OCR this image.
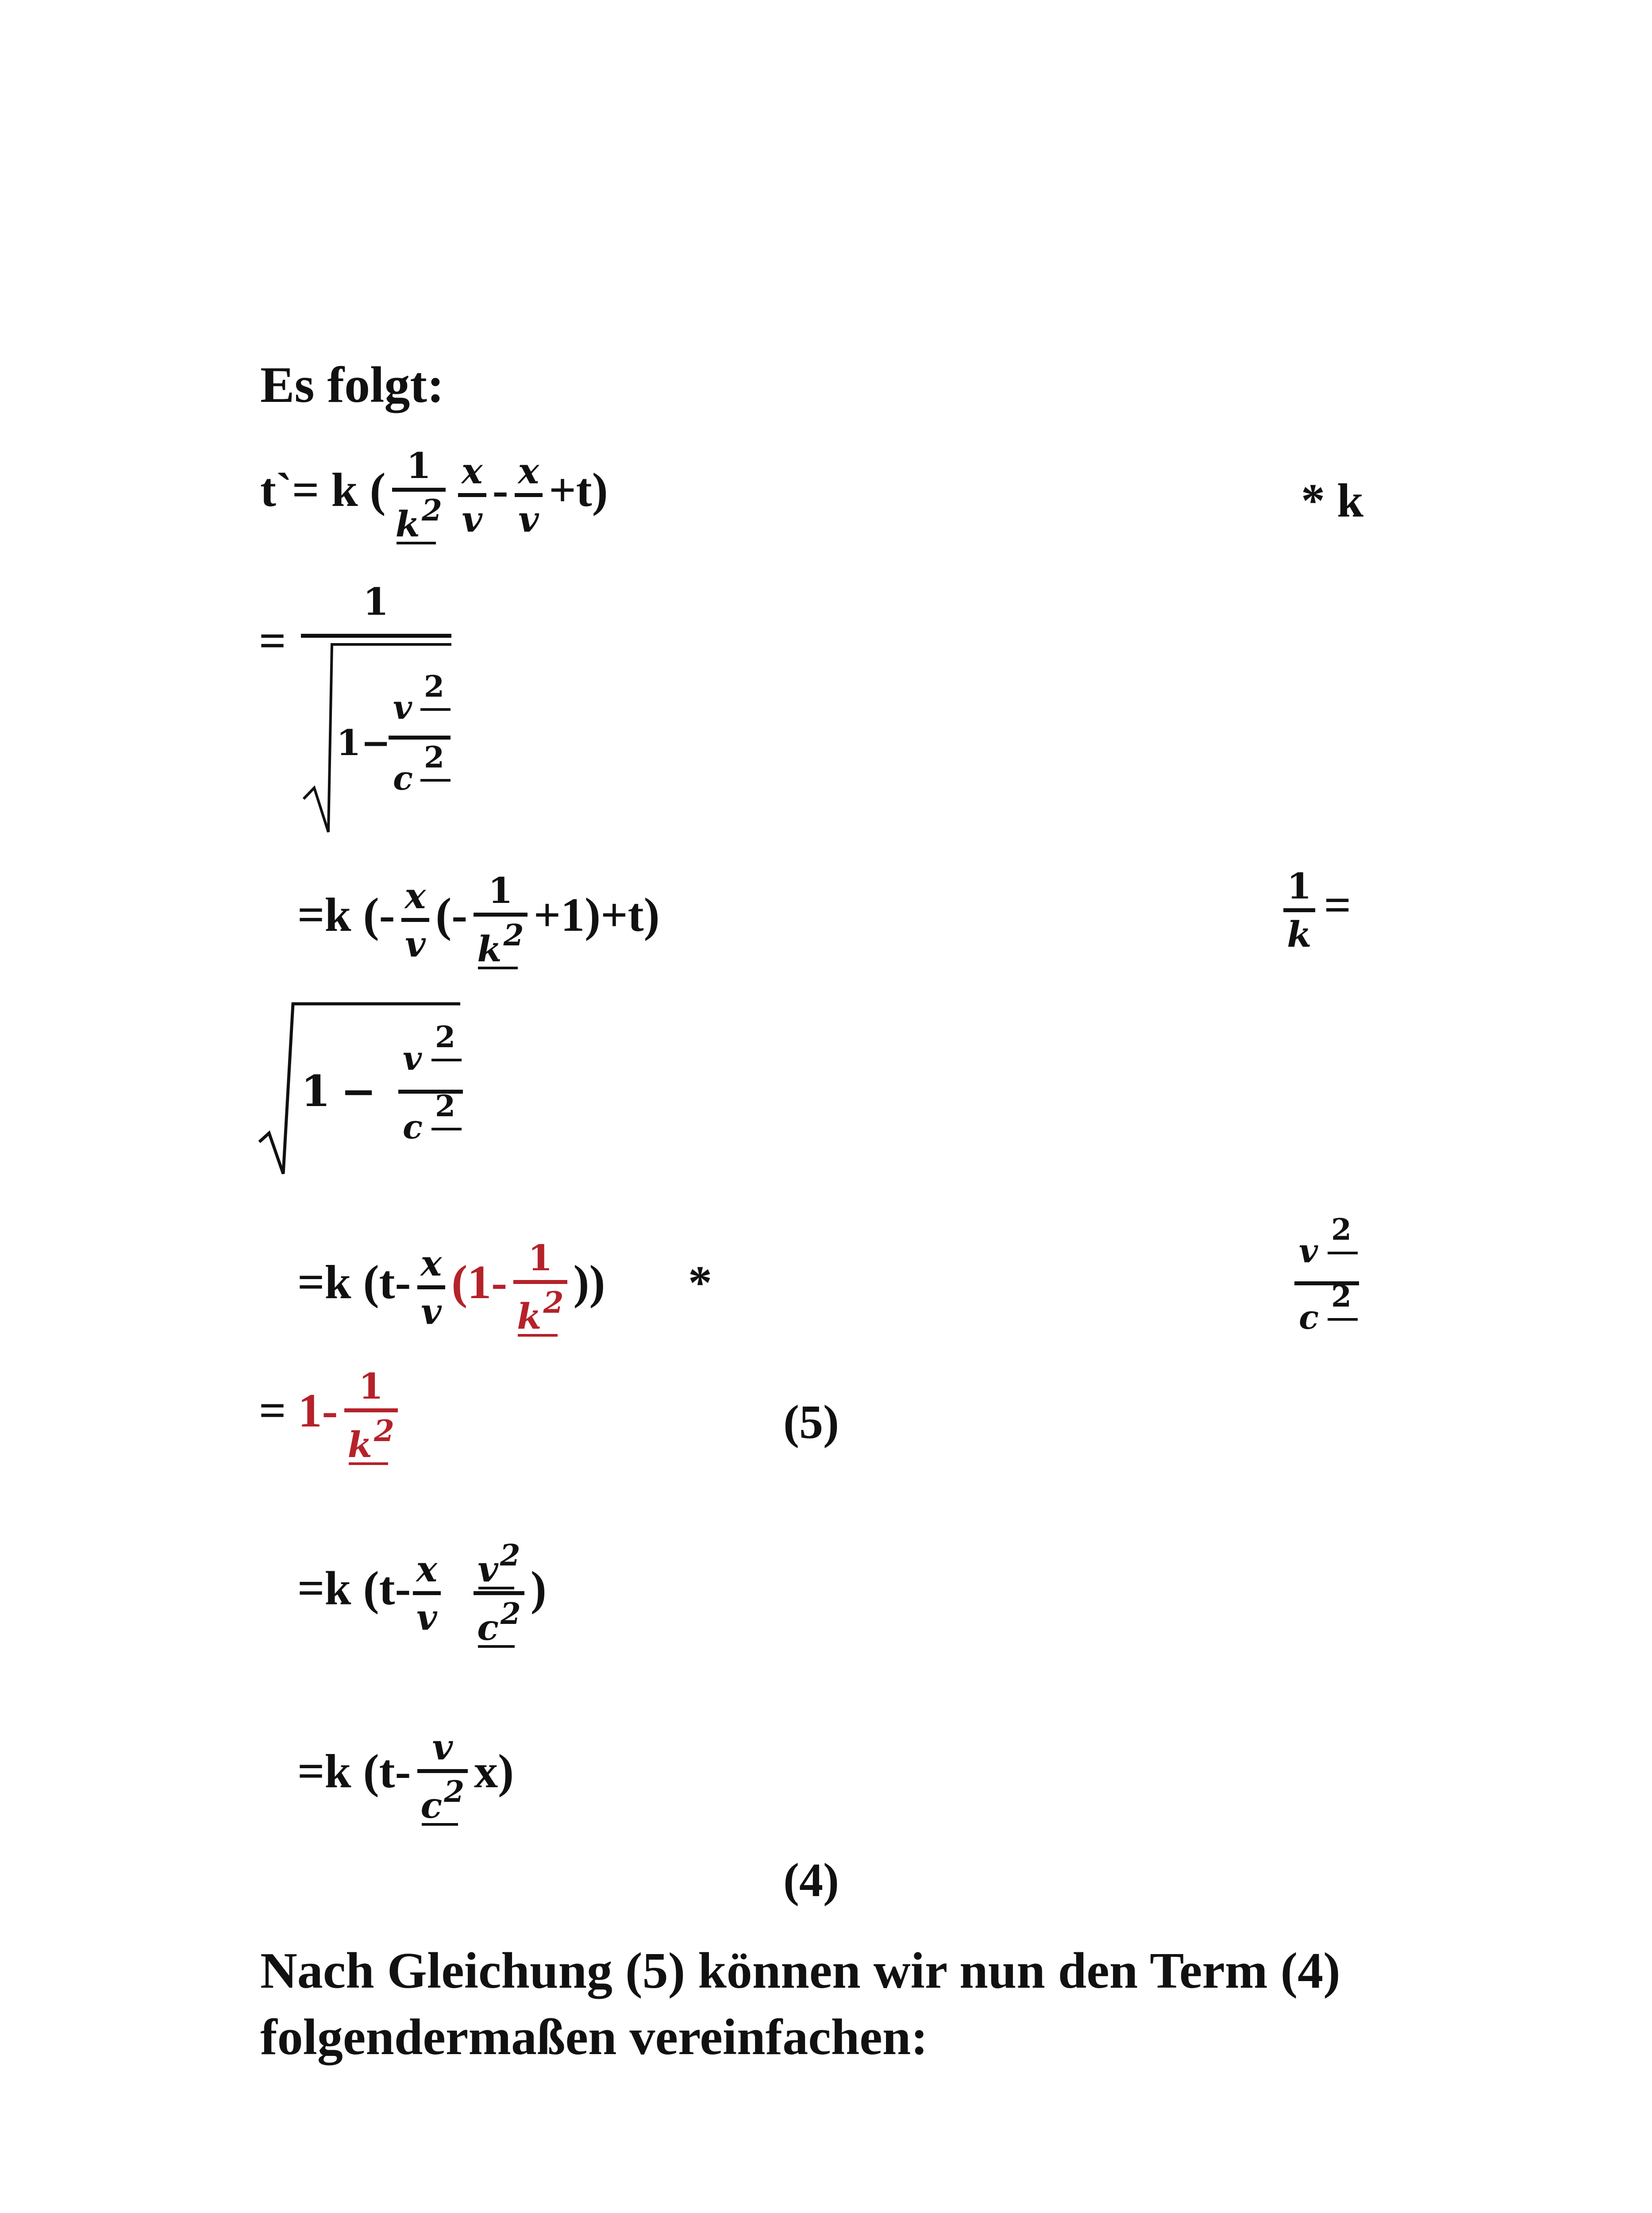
Es folgt:
t`= k ( 1
$k^2$
x
v
- x
v
+t)	* k
=
1
1−
v
2
c
2
=k (- x
v
(- 1
$k^2 +1)+t$)
1
k
=
1 −
v
2
c
2
=k (t- x
v
(1- 1
$k^2$ )) *
v
2
c
2
= 1- 1
$k^2$	(5)
=k (t- x
v
$v^2$
$c^2$ )
=k (t- v
$c^2$ x)
(4)
Nach Gleichung (5) können wir nun den Term (4)
folgendermaßen vereinfachen:
